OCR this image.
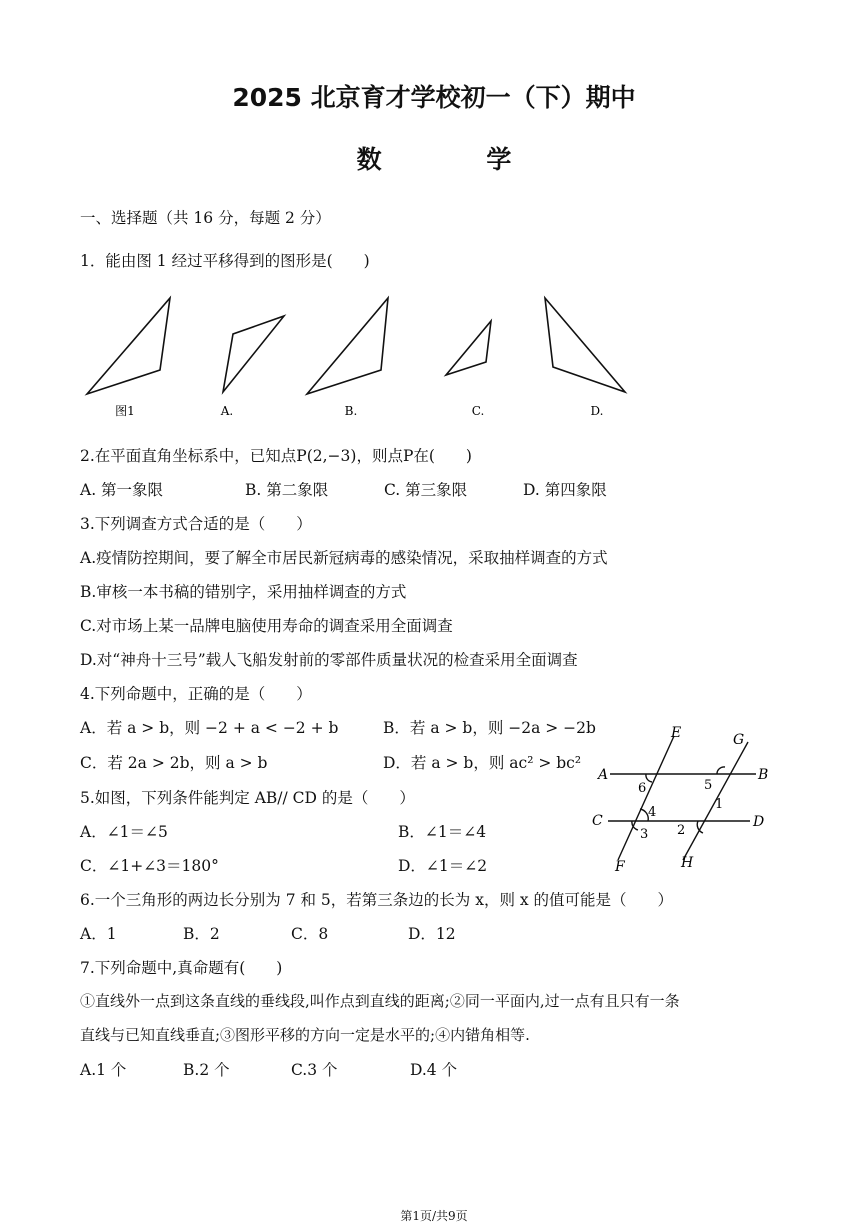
2025 北京育才学校初一（下）期中
数 学
一、选择题（共 16 分，每题 2 分）
1．能由图 1 经过平移得到的图形是(　　)
图1	A.	B.	C.	D.
2.在平面直角坐标系中，已知点P(2,−3)，则点P在(　　)
A. 第一象限	B. 第二象限	C. 第三象限	D. 第四象限
3.下列调查方式合适的是（　　）
A.疫情防控期间，要了解全市居民新冠病毒的感染情况，采取抽样调查的方式
B.审核一本书稿的错别字，采用抽样调查的方式
C.对市场上某一品牌电脑使用寿命的调查采用全面调查
D.对“神舟十三号”载人飞船发射前的零部件质量状况的检查采用全面调查
4.下列命题中，正确的是（　　）
A．若 a > b，则 −2 + a < −2 + b	B．若 a > b，则 −2a > −2b
C．若 2a > 2b，则 a > b	D．若 a > b，则 ac² > bc²
5.如图，下列条件能判定 AB// CD 的是（　　）
A．∠1＝∠5	B．∠1＝∠4
C．∠1+∠3＝180°	D．∠1＝∠2
E	G
A	B
C	D
F	H
6	5
1
4
3 2
6.一个三角形的两边长分别为 7 和 5，若第三条边的长为 x，则 x 的值可能是（　　）
A．1	B．2	C．8	D．12
7.下列命题中,真命题有(　　)
①直线外一点到这条直线的垂线段,叫作点到直线的距离;②同一平面内,过一点有且只有一条
直线与已知直线垂直;③图形平移的方向一定是水平的;④内错角相等.
A.1 个	B.2 个	C.3 个	D.4 个
第1页/共9页
